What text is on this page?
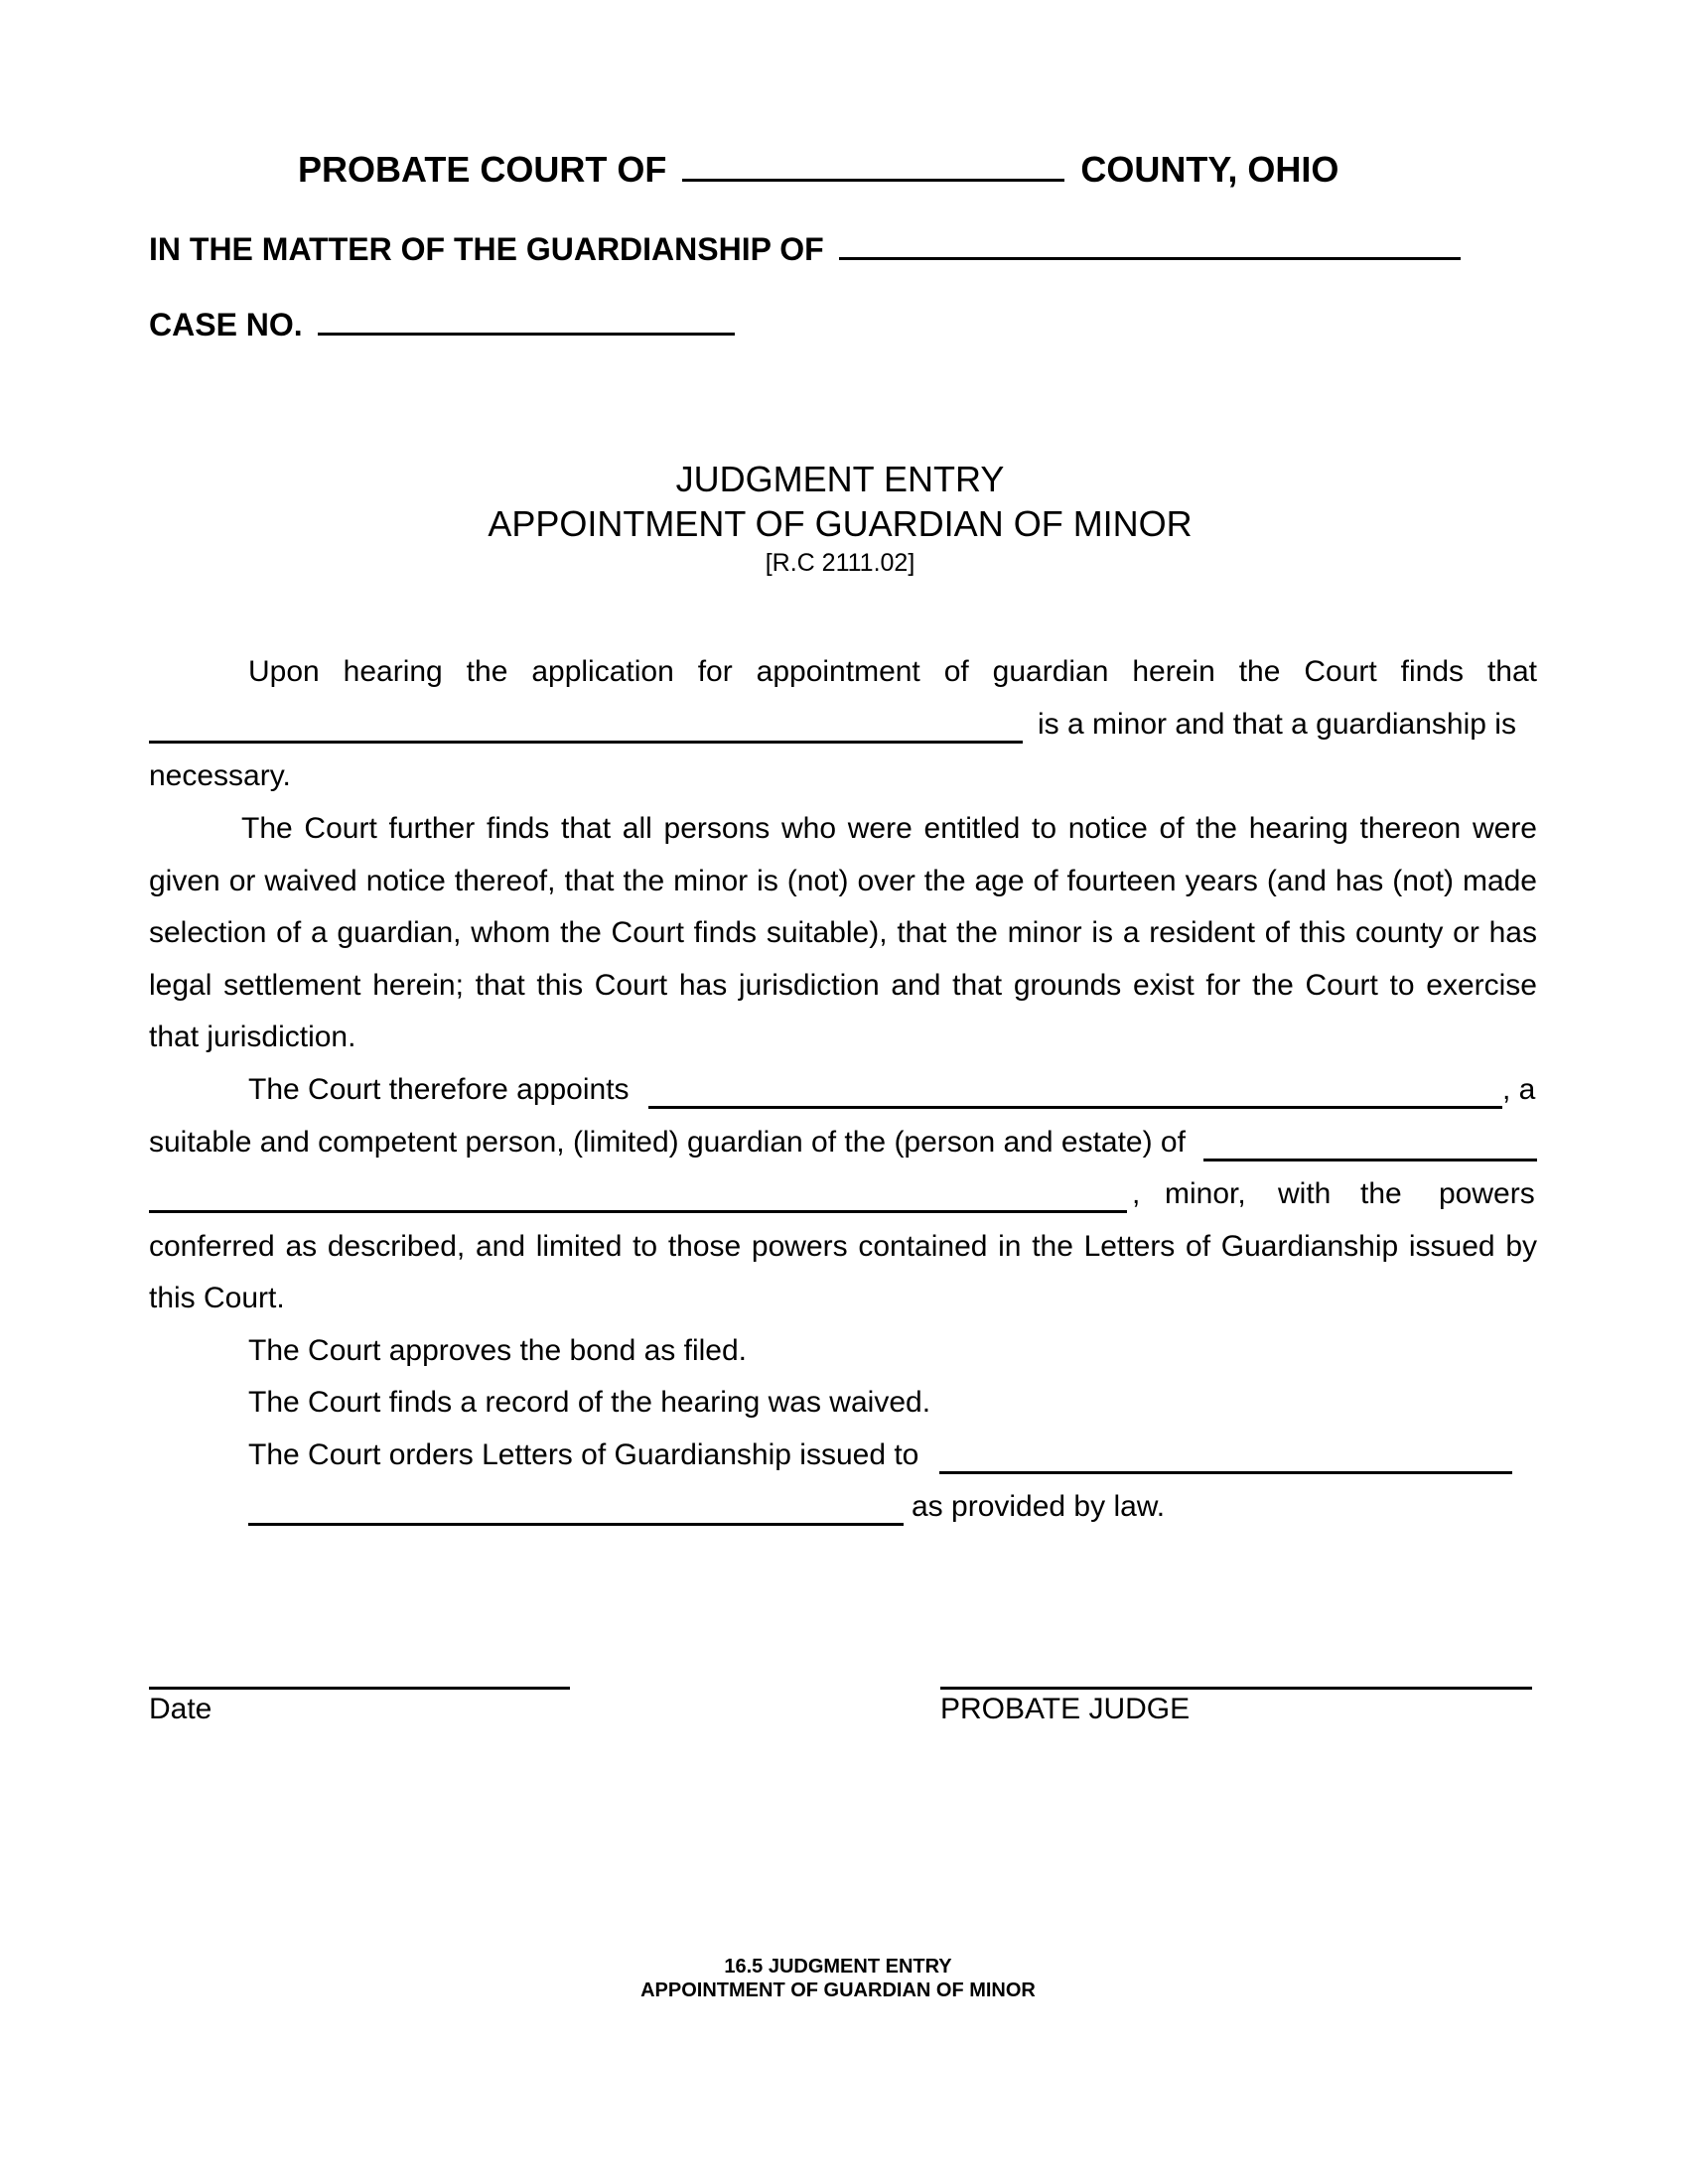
PROBATE COURT OF	COUNTY, OHIO
IN THE MATTER OF THE GUARDIANSHIP OF
CASE NO.
JUDGMENT ENTRY
APPOINTMENT OF GUARDIAN OF MINOR
[R.C 2111.02]
Upon hearing the application for appointment of guardian herein the Court finds that
is a minor and that a guardianship is
necessary.
The Court further finds that all persons who were entitled to notice of the hearing thereon were
given or waived notice thereof, that the minor is (not) over the age of fourteen years (and has (not) made
selection of a guardian, whom the Court finds suitable), that the minor is a resident of this county or has
legal settlement herein; that this Court has jurisdiction and that grounds exist for the Court to exercise
that jurisdiction.
The Court therefore appoints	, a
suitable and competent person, (limited) guardian of the (person and estate) of
, minor, with the powers
conferred as described, and limited to those powers contained in the Letters of Guardianship issued by
this Court.
The Court approves the bond as filed.
The Court finds a record of the hearing was waived.
The Court orders Letters of Guardianship issued to
as provided by law.
Date	PROBATE JUDGE
16.5 JUDGMENT ENTRY
APPOINTMENT OF GUARDIAN OF MINOR
